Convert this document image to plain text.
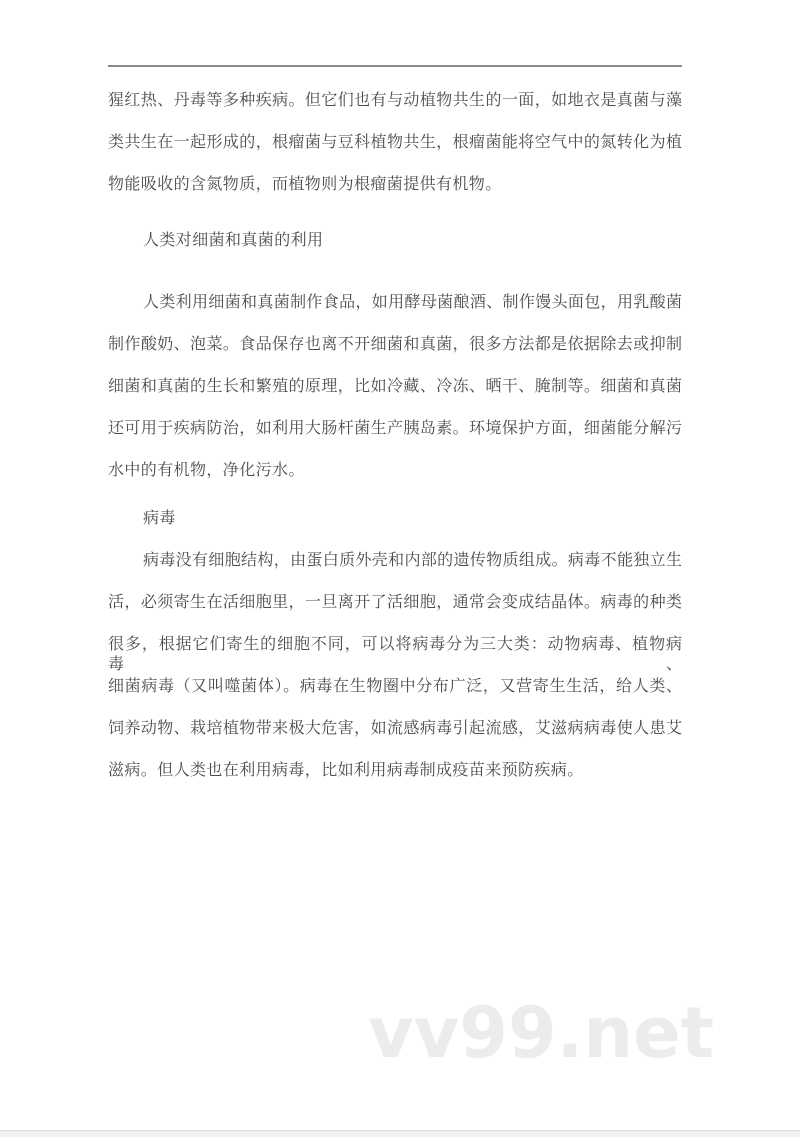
猩红热、丹毒等多种疾病。但它们也有与动植物共生的一面，如地衣是真菌与藻
类共生在一起形成的，根瘤菌与豆科植物共生，根瘤菌能将空气中的氮转化为植
物能吸收的含氮物质，而植物则为根瘤菌提供有机物。
人类对细菌和真菌的利用
人类利用细菌和真菌制作食品，如用酵母菌酿酒、制作馒头面包，用乳酸菌
制作酸奶、泡菜。食品保存也离不开细菌和真菌，很多方法都是依据除去或抑制
细菌和真菌的生长和繁殖的原理，比如冷藏、冷冻、晒干、腌制等。细菌和真菌
还可用于疾病防治，如利用大肠杆菌生产胰岛素。环境保护方面，细菌能分解污
水中的有机物，净化污水。
病毒
病毒没有细胞结构，由蛋白质外壳和内部的遗传物质组成。病毒不能独立生
活，必须寄生在活细胞里，一旦离开了活细胞，通常会变成结晶体。病毒的种类
很多，根据它们寄生的细胞不同，可以将病毒分为三大类：动物病毒、植物病毒、
细菌病毒（又叫噬菌体）。病毒在生物圈中分布广泛，又营寄生生活，给人类、
饲养动物、栽培植物带来极大危害，如流感病毒引起流感，艾滋病病毒使人患艾
滋病。但人类也在利用病毒，比如利用病毒制成疫苗来预防疾病。
vv99.net
